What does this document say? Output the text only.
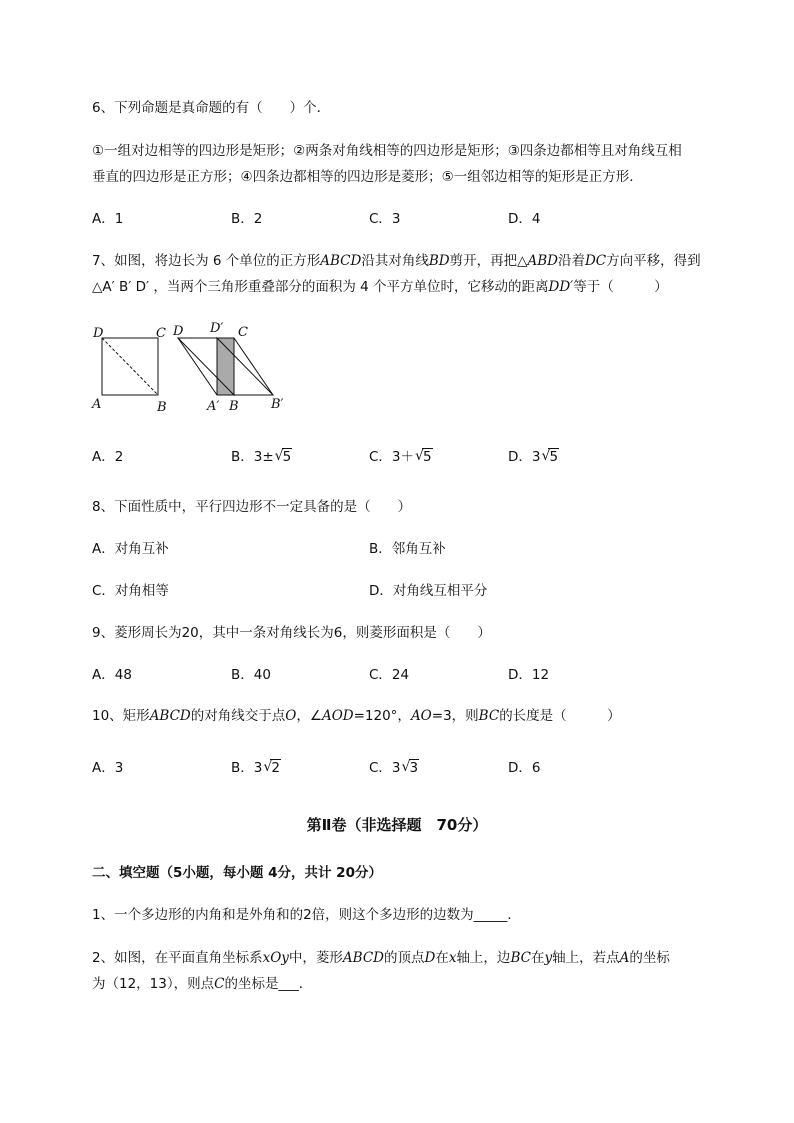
6、下列命题是真命题的有（　　）个．
①一组对边相等的四边形是矩形；②两条对角线相等的四边形是矩形；③四条边都相等且对角线互相
垂直的四边形是正方形；④四条边都相等的四边形是菱形；⑤一组邻边相等的矩形是正方形．
A．1	B．2	C．3	D．4
7、如图，将边长为 6 个单位的正方形ABCD沿其对角线BD剪开，再把△ABD沿着DC方向平移，得到
△A′ B′ D′ ，当两个三角形重叠部分的面积为 4 个平方单位时，它移动的距离DD′等于（　　　）
D	C
A	B
D D′ C
A′ B B′
A．2	B．3± √ 5	C．3＋ √ 5	D．3 √ 5
8、下面性质中，平行四边形不一定具备的是（　　）
A．对角互补	B．邻角互补
C．对角相等	D．对角线互相平分
9、菱形周长为20，其中一条对角线长为6，则菱形面积是（　　）
A．48	B．40	C．24	D．12
10、矩形ABCD的对角线交于点O，∠AOD=120°，AO=3，则BC的长度是（　　　）
A．3	B．3 √ 2	C．3 √ 3	D．6
第Ⅱ卷（非选择题　70分）
二、填空题（5小题，每小题 4分，共计 20分）
1、一个多边形的内角和是外角和的2倍，则这个多边形的边数为_____．
2、如图，在平面直角坐标系xOy中，菱形ABCD的顶点D在x轴上，边BC在y轴上，若点A的坐标
为（12，13），则点C的坐标是___．
